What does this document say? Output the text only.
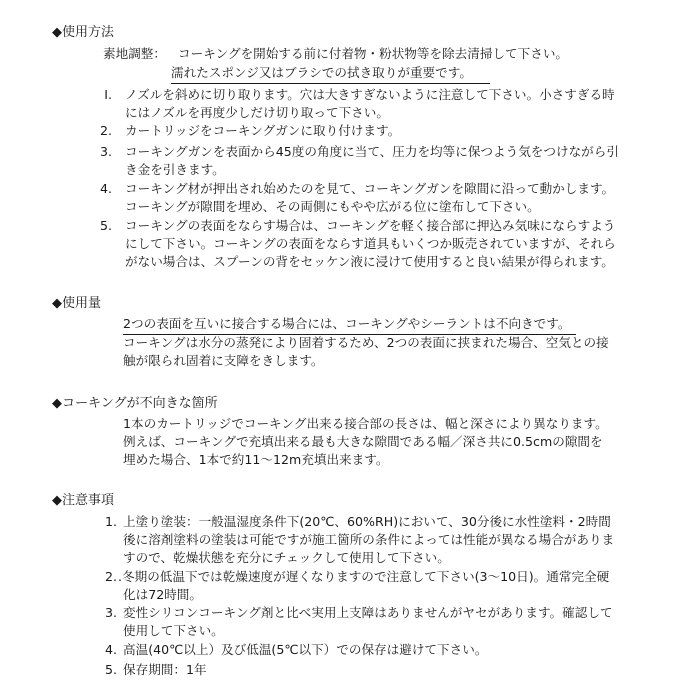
◆使用方法
素地調整： コーキングを開始する前に付着物・粉状物等を除去清掃して下さい。
濡れたスポンジ又はブラシでの拭き取りが重要です。
I. ノズルを斜めに切り取ります。穴は大きすぎないように注意して下さい。小さすぎる時
にはノズルを再度少しだけ切り取って下さい。
2. カートリッジをコーキングガンに取り付けます。
3. コーキングガンを表面から45度の角度に当て、圧力を均等に保つよう気をつけながら引
き金を引きます。
4. コーキング材が押出され始めたのを見て、コーキングガンを隙間に沿って動かします。
コーキングが隙間を埋め、その両側にもやや広がる位に塗布して下さい。
5. コーキングの表面をならす場合は、コーキングを軽く接合部に押込み気味にならすよう
にして下さい。コーキングの表面をならす道具もいくつか販売されていますが、それら
がない場合は、スプーンの背をセッケン液に浸けて使用すると良い結果が得られます。
◆使用量
2つの表面を互いに接合する場合には、コーキングやシーラントは不向きです。
コーキングは水分の蒸発により固着するため、2つの表面に挟まれた場合、空気との接
触が限られ固着に支障をきします。
◆コーキングが不向きな箇所
1本のカートリッジでコーキング出来る接合部の長さは、幅と深さにより異なります。
例えば、コーキングで充填出来る最も大きな隙間である幅／深さ共に0.5cmの隙間を
埋めた場合、1本で約11〜12m充填出来ます。
◆注意事項
1. 上塗り塗装：一般温湿度条件下(20℃、60%RH)において、30分後に水性塗料・2時間
後に溶剤塗料の塗装は可能ですが施工箇所の条件によっては性能が異なる場合がありま
すので、乾燥状態を充分にチェックして使用して下さい。
2. .冬期の低温下では乾燥速度が遅くなりますので注意して下さい(3〜10日)。通常完全硬
化は72時間。
3. 変性シリコンコーキング剤と比べ実用上支障はありませんがヤセがあります。確認して
使用して下さい。
4. 高温(40℃以上）及び低温(5℃以下）での保存は避けて下さい。
5. 保存期間：1年
